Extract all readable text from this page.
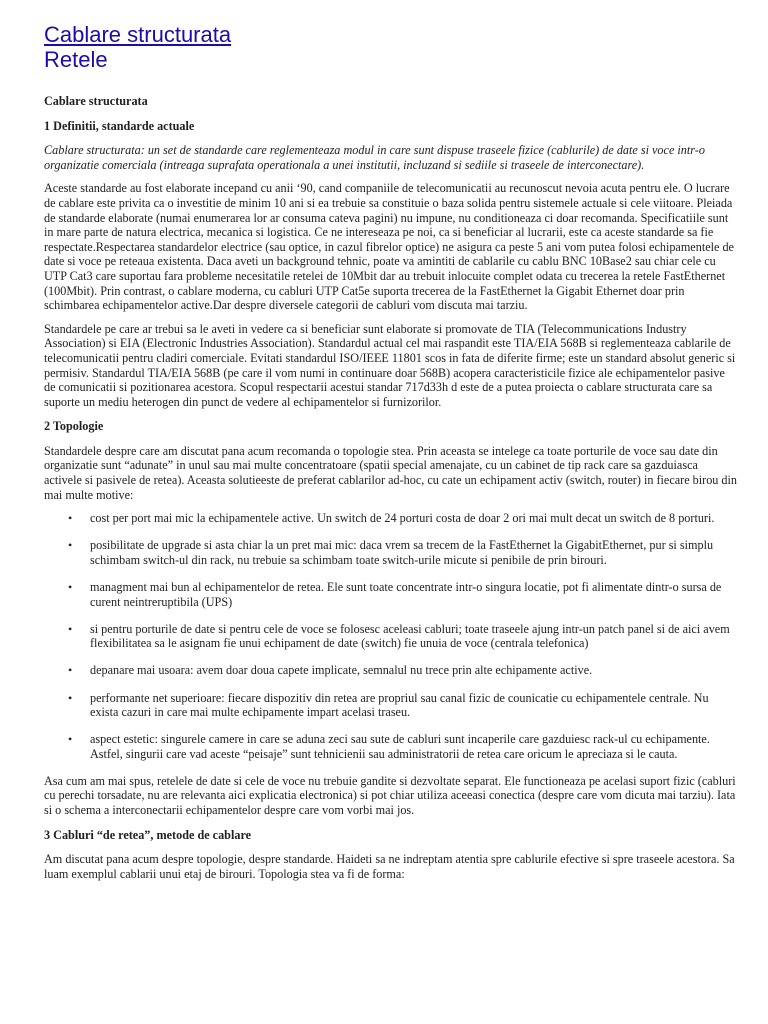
Cablare structurata
Retele
Cablare structurata
1 Definitii, standarde actuale

Cablare structurata: un set de standarde care reglementeaza modul in care sunt dispuse traseele fizice (cablurile) de date si voce intr-o organizatie comerciala (intreaga suprafata operationala a unei institutii, incluzand si sediile si traseele de interconectare).

Aceste standarde au fost elaborate incepand cu anii ‘90, cand companiile de telecomunicatii au recunoscut nevoia acuta pentru ele. O lucrare de cablare este privita ca o investitie de minim 10 ani si ea trebuie sa constituie o baza solida pentru sistemele actuale si cele viitoare. Pleiada de standarde elaborate (numai enumerarea lor ar consuma cateva pagini) nu impune, nu conditioneaza ci doar recomanda. Specificatiile sunt in mare parte de natura electrica, mecanica si logistica. Ce ne intereseaza pe noi, ca si beneficiar al lucrarii, este ca aceste standarde sa fie respectate.Respectarea standardelor electrice (sau optice, in cazul fibrelor optice) ne asigura ca peste 5 ani vom putea folosi echipamentele de date si voce pe reteaua existenta. Daca aveti un background tehnic, poate va amintiti de cablarile cu cablu BNC 10Base2 sau chiar cele cu UTP Cat3 care suportau fara probleme necesitatile retelei de 10Mbit dar au trebuit inlocuite complet odata cu trecerea la retele FastEthernet (100Mbit). Prin contrast, o cablare moderna, cu cabluri UTP Cat5e suporta trecerea de la FastEthernet la Gigabit Ethernet doar prin schimbarea echipamentelor active.Dar despre diversele categorii de cabluri vom discuta mai tarziu.

Standardele pe care ar trebui sa le aveti in vedere ca si beneficiar sunt elaborate si promovate de TIA (Telecommunications Industry Association) si EIA (Electronic Industries Association). Standardul actual cel mai raspandit este TIA/EIA 568B si reglementeaza cablarile de telecomunicatii pentru cladiri comerciale. Evitati standardul ISO/IEEE 11801 scos in fata de diferite firme; este un standard absolut generic si permisiv. Standardul TIA/EIA 568B (pe care il vom numi in continuare doar 568B) acopera caracteristicile fizice ale echipamentelor pasive de comunicatii si pozitionarea acestora. Scopul respectarii acestui standar 717d33h d este de a putea proiecta o cablare structurata care sa suporte un mediu heterogen din punct de vedere al echipamentelor si furnizorilor.

2 Topologie

Standardele despre care am discutat pana acum recomanda o topologie stea. Prin aceasta se intelege ca toate porturile de voce sau date din organizatie sunt “adunate” in unul sau mai multe concentratoare (spatii special amenajate, cu un cabinet de tip rack care sa gazduiasca activele si pasivele de retea). Aceasta solutieeste de preferat cablarilor ad-hoc, cu cate un echipament activ (switch, router) in fiecare birou din mai multe motive:

• cost per port mai mic la echipamentele active. Un switch de 24 porturi costa de doar 2 ori mai mult decat un switch de 8 porturi.
• posibilitate de upgrade si asta chiar la un pret mai mic: daca vrem sa trecem de la FastEthernet la GigabitEthernet, pur si simplu schimbam switch-ul din rack, nu trebuie sa schimbam toate switch-urile micute si penibile de prin birouri.
• managment mai bun al echipamentelor de retea. Ele sunt toate concentrate intr-o singura locatie, pot fi alimentate dintr-o sursa de curent neintreruptibila (UPS)
• si pentru porturile de date si pentru cele de voce se folosesc aceleasi cabluri; toate traseele ajung intr-un patch panel si de aici avem flexibilitatea sa le asignam fie unui echipament de date (switch) fie unuia de voce (centrala telefonica)
• depanare mai usoara: avem doar doua capete implicate, semnalul nu trece prin alte echipamente active.
• performante net superioare: fiecare dispozitiv din retea are propriul sau canal fizic de counicatie cu echipamentele centrale. Nu exista cazuri in care mai multe echipamente impart acelasi traseu.
• aspect estetic: singurele camere in care se aduna zeci sau sute de cabluri sunt incaperile care gazduiesc rack-ul cu echipamente. Astfel, singurii care vad aceste “peisaje” sunt tehnicienii sau administratorii de retea care oricum le apreciaza si le cauta.

Asa cum am mai spus, retelele de date si cele de voce nu trebuie gandite si dezvoltate separat. Ele functioneaza pe acelasi suport fizic (cabluri cu perechi torsadate, nu are relevanta aici explicatia electronica) si pot chiar utiliza aceeasi conectica (despre care vom dicuta mai tarziu). Iata si o schema a interconectarii echipamentelor despre care vom vorbi mai jos.

3 Cabluri “de retea”, metode de cablare

Am discutat pana acum despre topologie, despre standarde. Haideti sa ne indreptam atentia spre cablurile efective si spre traseele acestora. Sa luam exemplul cablarii unui etaj de birouri. Topologia stea va fi de forma:
